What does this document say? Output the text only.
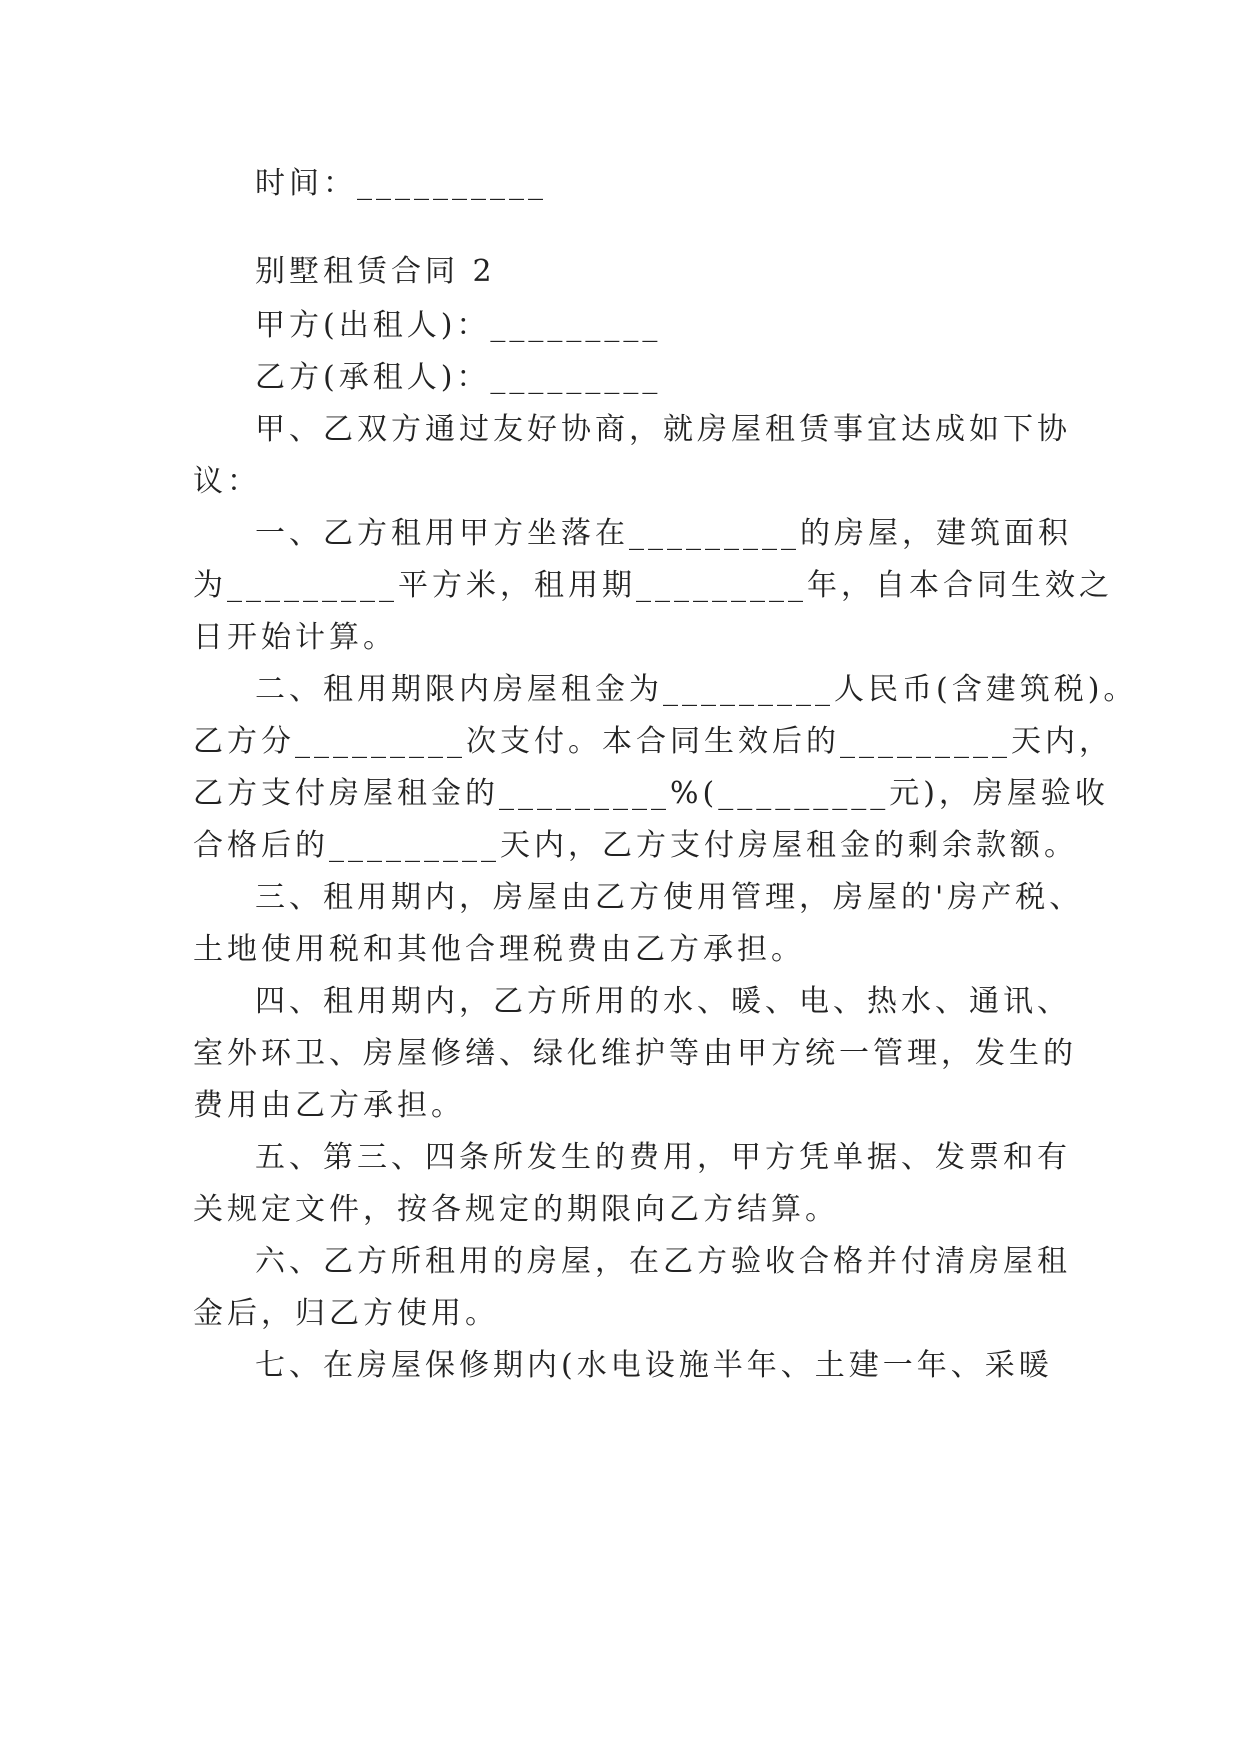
时间：__________
别墅租赁合同 2
甲方(出租人)：_________
乙方(承租人)：_________
甲、乙双方通过友好协商，就房屋租赁事宜达成如下协
议：
一、乙方租用甲方坐落在_________的房屋，建筑面积
为_________平方米，租用期_________年，自本合同生效之
日开始计算。
二、租用期限内房屋租金为_________人民币(含建筑税)。
乙方分_________次支付。本合同生效后的_________天内，
乙方支付房屋租金的_________%(_________元)，房屋验收
合格后的_________天内，乙方支付房屋租金的剩余款额。
三、租用期内，房屋由乙方使用管理，房屋的'房产税、
土地使用税和其他合理税费由乙方承担。
四、租用期内，乙方所用的水、暖、电、热水、通讯、
室外环卫、房屋修缮、绿化维护等由甲方统一管理，发生的
费用由乙方承担。
五、第三、四条所发生的费用，甲方凭单据、发票和有
关规定文件，按各规定的期限向乙方结算。
六、乙方所租用的房屋，在乙方验收合格并付清房屋租
金后，归乙方使用。
七、在房屋保修期内(水电设施半年、土建一年、采暖
